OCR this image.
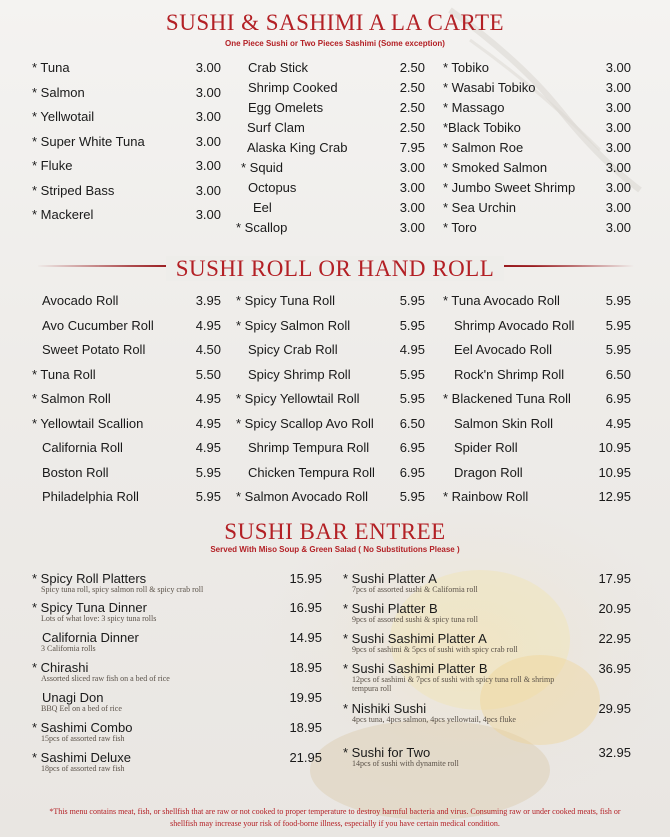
SUSHI & SASHIMI A LA CARTE
One Piece Sushi or Two Pieces Sashimi (Some exception)
* Tuna	3.00
* Salmon	3.00
* Yellwotail	3.00
* Super White Tuna	3.00
* Fluke	3.00
* Striped Bass	3.00
* Mackerel	3.00
Crab Stick	2.50
Shrimp Cooked	2.50
Egg Omelets	2.50
Surf Clam	2.50
Alaska King Crab	7.95
* Squid	3.00
Octopus	3.00
Eel	3.00
* Scallop	3.00
* Tobiko	3.00
* Wasabi Tobiko	3.00
* Massago	3.00
*Black Tobiko	3.00
* Salmon Roe	3.00
* Smoked Salmon	3.00
* Jumbo Sweet Shrimp 3.00
* Sea Urchin	3.00
* Toro	3.00
SUSHI ROLL OR HAND ROLL
Avocado Roll	3.95
Avo Cucumber Roll	4.95
Sweet Potato Roll	4.50
* Tuna Roll	5.50
* Salmon Roll	4.95
* Yellowtail Scallion	4.95
California Roll	4.95
Boston Roll	5.95
Philadelphia Roll	5.95
* Spicy Tuna Roll	5.95
* Spicy Salmon Roll	5.95
Spicy Crab Roll	4.95
Spicy Shrimp Roll	5.95
* Spicy Yellowtail Roll	5.95
* Spicy Scallop Avo Roll 6.50
Shrimp Tempura Roll 6.95
Chicken Tempura Roll 6.95
* Salmon Avocado Roll 5.95
* Tuna Avocado Roll	5.95
Shrimp Avocado Roll 5.95
Eel Avocado Roll	5.95
Rock'n Shrimp Roll	6.50
* Blackened Tuna Roll	6.95
Salmon Skin Roll	4.95
Spider Roll	10.95
Dragon Roll	10.95
* Rainbow Roll	12.95
SUSHI BAR ENTREE
Served With Miso Soup & Green Salad ( No Substitutions Please )
* Spicy Roll Platters	15.95
Spicy tuna roll, spicy salmon roll & spicy crab roll
* Spicy Tuna Dinner	16.95
Lots of what love: 3 spicy tuna rolls
California Dinner	14.95
3 California rolls
* Chirashi	18.95
Assorted sliced raw fish on a bed of rice
Unagi Don	19.95
BBQ Eel on a bed of rice
* Sashimi Combo	18.95
15pcs of assorted raw fish
* Sashimi Deluxe	21.95
18pcs of assorted raw fish
* Sushi Platter A	17.95
7pcs of assorted sushi & California roll
* Sushi Platter B	20.95
9pcs of assorted sushi & spicy tuna roll
* Sushi Sashimi Platter A	22.95
9pcs of sashimi & 5pcs of sushi with spicy crab roll
* Sushi Sashimi Platter B	36.95
12pcs of sashimi & 7pcs of sushi with spicy tuna roll & shrimp tempura roll
* Nishiki Sushi	29.95
4pcs tuna, 4pcs salmon, 4pcs yellowtail, 4pcs fluke
* Sushi for Two	32.95
14pcs of sushi with dynamite roll
*This menu contains meat, fish, or shellfish that are raw or not cooked to proper temperature to destroy harmful bacteria and virus. Consuming raw or under cooked meats, fish or shellfish may increase your risk of food-borne illness, especially if you have certain medical condition.
